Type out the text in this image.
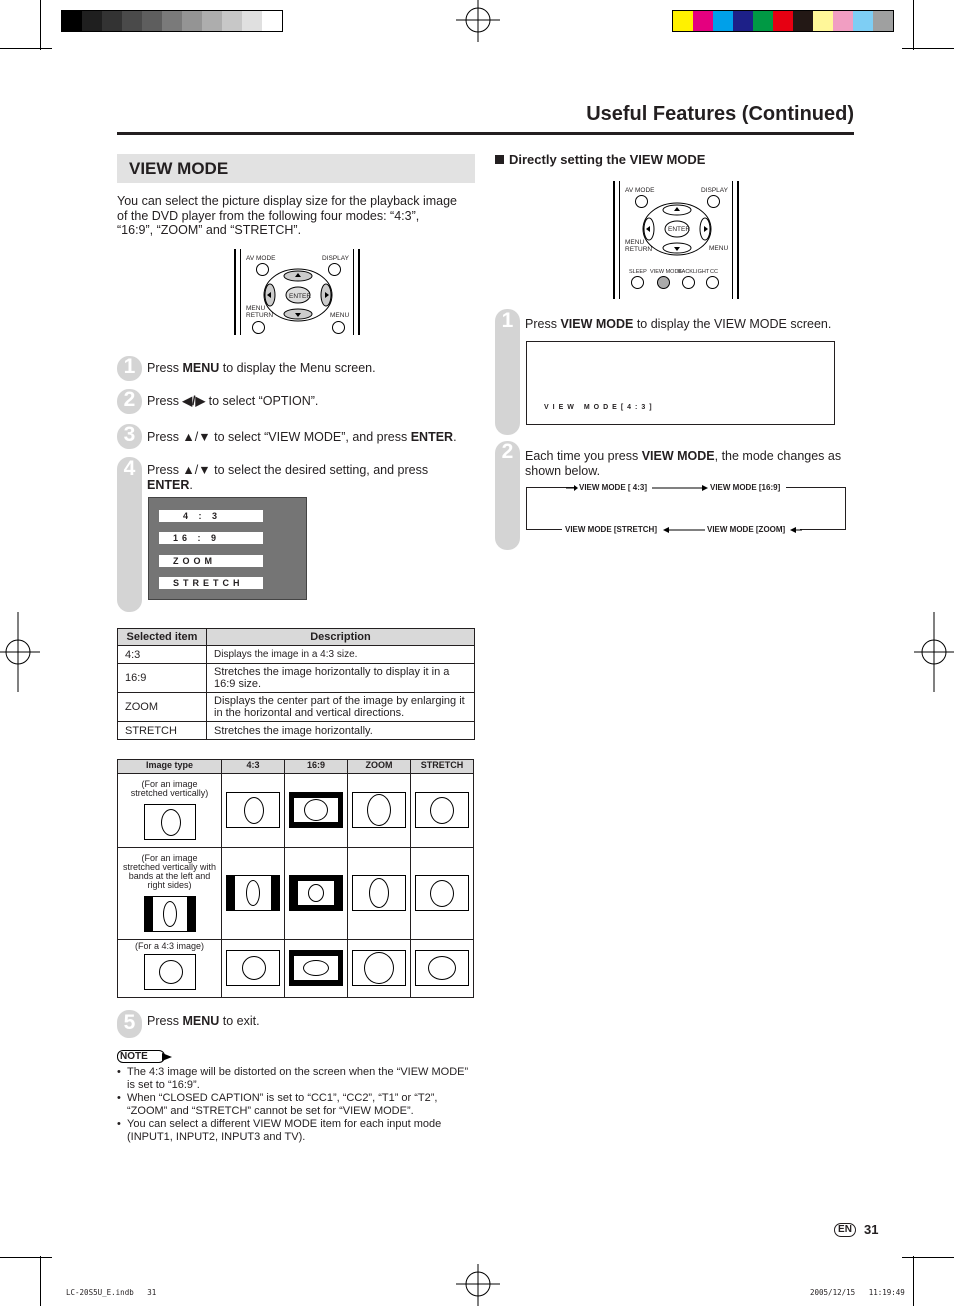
Useful Features (Continued)
VIEW MODE
You can select the picture display size for the playback image of the DVD player from the following four modes: “4:3”, “16:9”, “ZOOM” and “STRETCH”.
AV MODE	DISPLAY
ENTER
MENU RETURN	MENU
1 Press MENU to display the Menu screen.
2 Press ◀/▶ to select “OPTION”.
3 Press ▲/▼ to select “VIEW MODE”, and press ENTER.
4 Press ▲/▼ to select the desired setting, and press ENTER.
4 : 3
16 : 9
ZOOM
STRETCH
Selected item	Description
4:3	Displays the image in a 4:3 size.
16:9	Stretches the image horizontally to display it in a 16:9 size.
ZOOM	Displays the center part of the image by enlarging it in the horizontal and vertical directions.
STRETCH	Stretches the image horizontally.
Image type	4:3	16:9	ZOOM	STRETCH

(For an image stretched vertically)				

(For an image stretched vertically with bands at the left and right sides)				

(For a 4:3 image)				

5 Press MENU to exit.
NOTE
• The 4:3 image will be distorted on the screen when the “VIEW MODE” is set to “16:9”.
• When “CLOSED CAPTION” is set to “CC1”, “CC2”, “T1” or “T2”, “ZOOM” and “STRETCH” cannot be set for “VIEW MODE”.
• You can select a different VIEW MODE item for each input mode (INPUT1, INPUT2, INPUT3 and TV).
Directly setting the VIEW MODE
AV MODE	DISPLAY
ENTER
MENU RETURN	MENU
SLEEP VIEW MODE
BACKLIGHT CC
1 Press VIEW MODE to display the VIEW MODE screen.
VIEW MODE[4:3]
2 Each time you press VIEW MODE, the mode changes as shown below.
VIEW MODE [ 4:3]	VIEW MODE [16:9]
VIEW MODE [STRETCH]	VIEW MODE [ZOOM]
EN 31
LC-20S5U_E.indb   31	2005/12/15   11:19:49
